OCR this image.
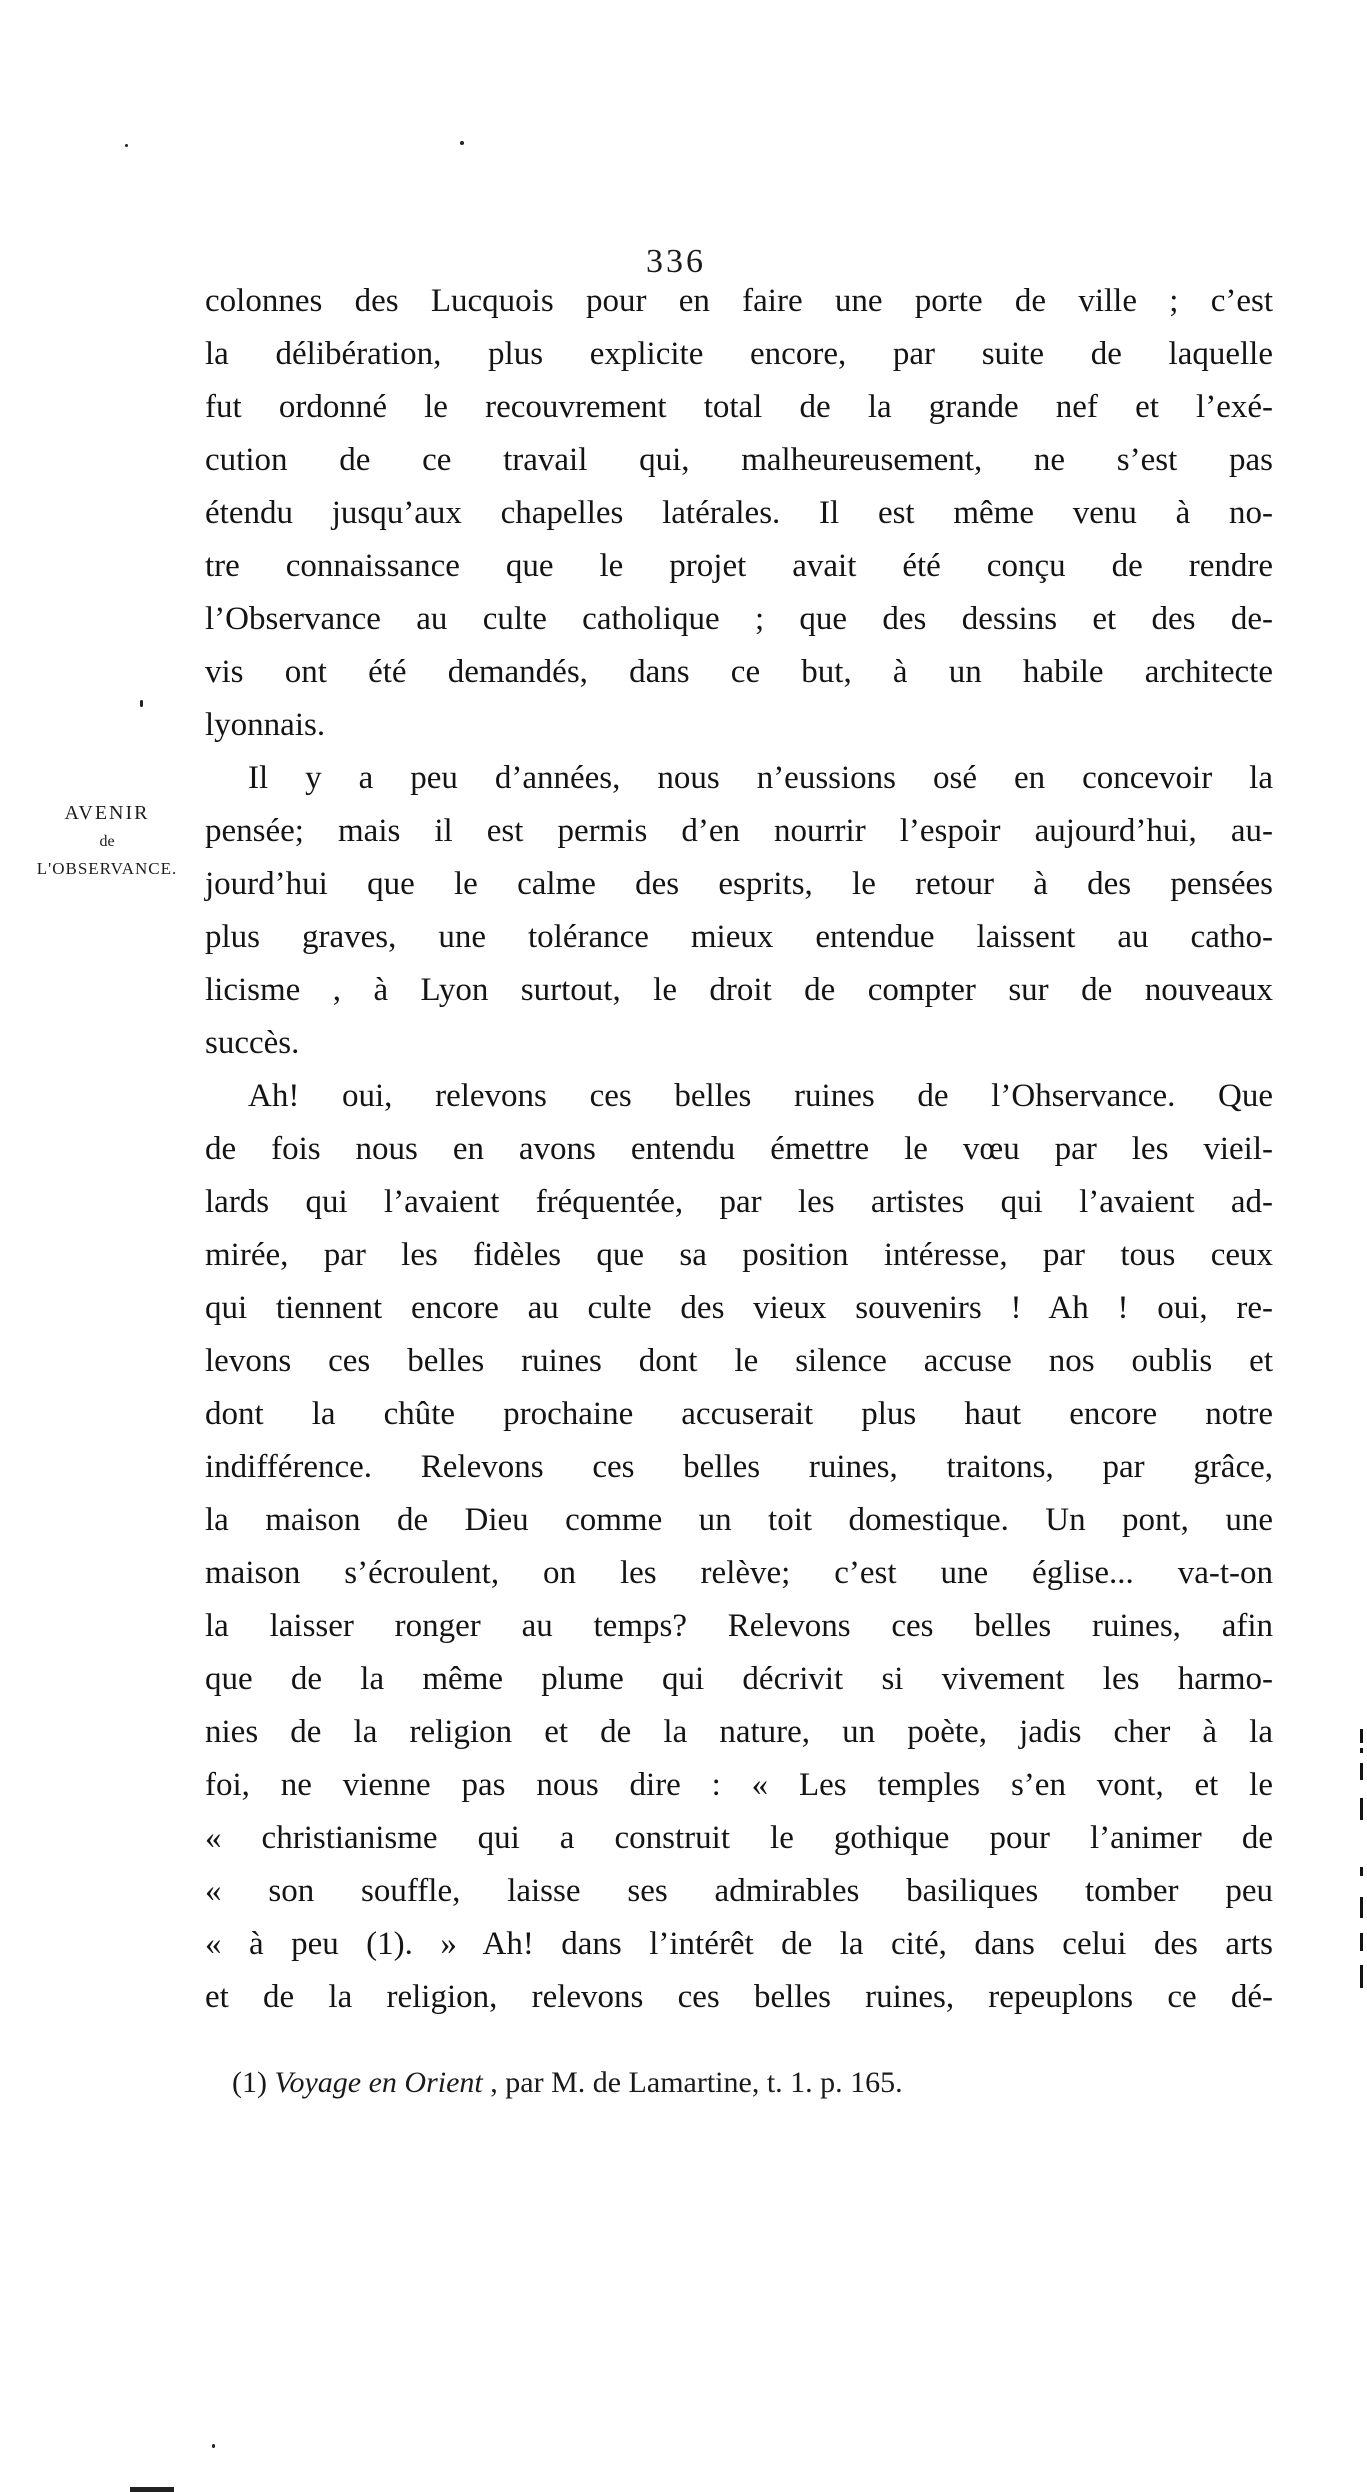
336
AVENIR
de
L'OBSERVANCE.
colonnes des Lucquois pour en faire une porte de ville ; c’est
la délibération, plus explicite encore, par suite de laquelle
fut ordonné le recouvrement total de la grande nef et l’exé-
cution de ce travail qui, malheureusement, ne s’est pas
étendu jusqu’aux chapelles latérales. Il est même venu à no-
tre connaissance que le projet avait été conçu de rendre
l’Observance au culte catholique ; que des dessins et des de-
vis ont été demandés, dans ce but, à un habile architecte
lyonnais.
Il y a peu d’années, nous n’eussions osé en concevoir la
pensée; mais il est permis d’en nourrir l’espoir aujourd’hui, au-
jourd’hui que le calme des esprits, le retour à des pensées
plus graves, une tolérance mieux entendue laissent au catho-
licisme , à Lyon surtout, le droit de compter sur de nouveaux
succès.
Ah! oui, relevons ces belles ruines de l’Ohservance. Que
de fois nous en avons entendu émettre le vœu par les vieil-
lards qui l’avaient fréquentée, par les artistes qui l’avaient ad-
mirée, par les fidèles que sa position intéresse, par tous ceux
qui tiennent encore au culte des vieux souvenirs ! Ah ! oui, re-
levons ces belles ruines dont le silence accuse nos oublis et
dont la chûte prochaine accuserait plus haut encore notre
indifférence. Relevons ces belles ruines, traitons, par grâce,
la maison de Dieu comme un toit domestique. Un pont, une
maison s’écroulent, on les relève; c’est une église... va-t-on
la laisser ronger au temps? Relevons ces belles ruines, afin
que de la même plume qui décrivit si vivement les harmo-
nies de la religion et de la nature, un poète, jadis cher à la
foi, ne vienne pas nous dire : « Les temples s’en vont, et le
« christianisme qui a construit le gothique pour l’animer de
« son souffle, laisse ses admirables basiliques tomber peu
« à peu (1). » Ah! dans l’intérêt de la cité, dans celui des arts
et de la religion, relevons ces belles ruines, repeuplons ce dé-
(1) Voyage en Orient , par M. de Lamartine, t. 1. p. 165.
